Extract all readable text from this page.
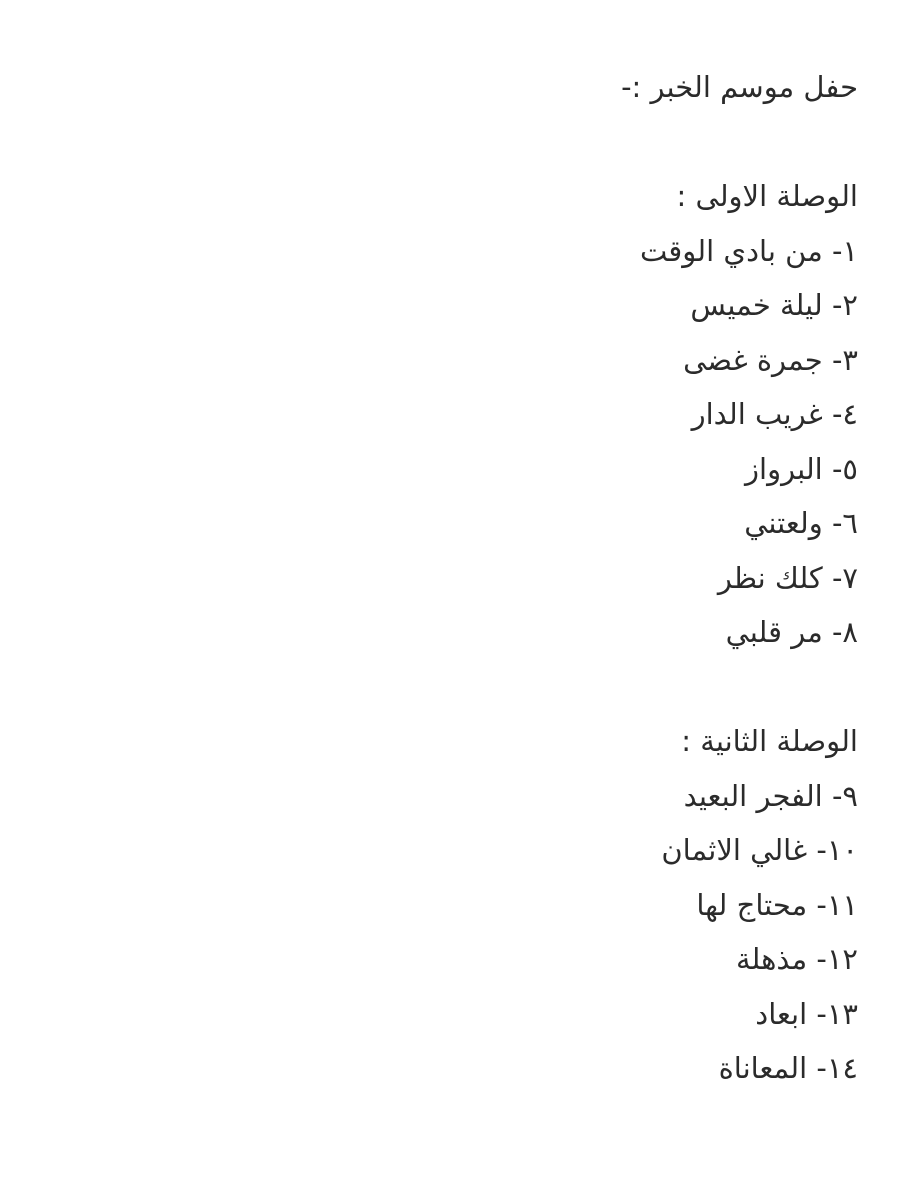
حفل موسم الخبر :-
الوصلة الاولى :
١- من بادي الوقت
٢- ليلة خميس
٣- جمرة غضى
٤- غريب الدار
٥- البرواز
٦- ولعتني
٧- كلك نظر
٨- مر قلبي
الوصلة الثانية :
٩- الفجر البعيد
١٠- غالي الاثمان
١١- محتاج لها
١٢- مذهلة
١٣- ابعاد
١٤- المعاناة
